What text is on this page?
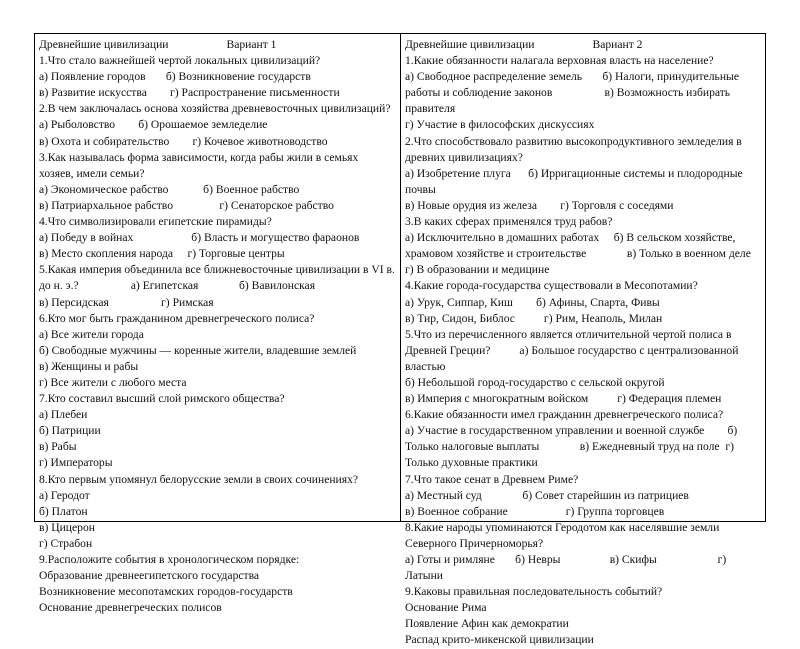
Древнейшие цивилизации	Вариант 1
1.Что стало важнейшей чертой локальных цивилизаций?
а) Появление городов       б) Возникновение государств
в) Развитие искусства        г) Распространение письменности
2.В чем заключалась основа хозяйства древневосточных цивилизаций?
а) Рыболовство        б) Орошаемое земледелие
в) Охота и собирательство        г) Кочевое животноводство
3.Как называлась форма зависимости, когда рабы жили в семьях
хозяев, имели семьи?
а) Экономическое рабство            б) Военное рабство
в) Патриархальное рабство                г) Сенаторское рабство
4.Что символизировали египетские пирамиды?
а) Победу в войнах                    б) Власть и могущество фараонов
в) Место скопления народа     г) Торговые центры
5.Какая империя объединила все ближневосточные цивилизации в VI в.
до н. э.?                  а) Египетская              б) Вавилонская
в) Персидская                  г) Римская
6.Кто мог быть гражданином древнегреческого полиса?
а) Все жители города
б) Свободные мужчины — коренные жители, владевшие землей
в) Женщины и рабы
г) Все жители с любого места
7.Кто составил высший слой римского общества?
а) Плебеи
б) Патриции
в) Рабы
г) Императоры
8.Кто первым упомянул белорусские земли в своих сочинениях?
а) Геродот
б) Платон
в) Цицерон
г) Страбон
9.Расположите события в хронологическом порядке:
Образование древнеегипетского государства
Возникновение месопотамских городов-государств
Основание древнегреческих полисов
Древнейшие цивилизации	Вариант 2
1.Какие обязанности налагала верховная власть на население?
а) Свободное распределение земель       б) Налоги, принудительные
работы и соблюдение законов                  в) Возможность избирать
правителя
г) Участие в философских дискуссиях
2.Что способствовало развитию высокопродуктивного земледелия в
древних цивилизациях?
а) Изобретение плуга      б) Ирригационные системы и плодородные
почвы
в) Новые орудия из железа        г) Торговля с соседями
3.В каких сферах применялся труд рабов?
а) Исключительно в домашних работах     б) В сельском хозяйстве,
храмовом хозяйстве и строительстве              в) Только в военном деле
г) В образовании и медицине
4.Какие города-государства существовали в Месопотамии?
а) Урук, Сиппар, Киш        б) Афины, Спарта, Фивы
в) Тир, Сидон, Библос          г) Рим, Неаполь, Милан
5.Что из перечисленного является отличительной чертой полиса в
Древней Греции?          а) Большое государство с централизованной
властью
б) Небольшой город-государство с сельской округой
в) Империя с многократным войском          г) Федерация племен
6.Какие обязанности имел гражданин древнегреческого полиса?
а) Участие в государственном управлении и военной службе        б)
Только налоговые выплаты              в) Ежедневный труд на поле  г)
Только духовные практики
7.Что такое сенат в Древнем Риме?
а) Местный суд              б) Совет старейшин из патрициев
в) Военное собрание                    г) Группа торговцев
8.Какие народы упоминаются Геродотом как населявшие земли
Северного Причерноморья?
а) Готы и римляне       б) Невры                 в) Скифы                     г) Латыни
9.Каковы правильная последовательность событий?
Основание Рима
Появление Афин как демократии
Распад крито-микенской цивилизации
